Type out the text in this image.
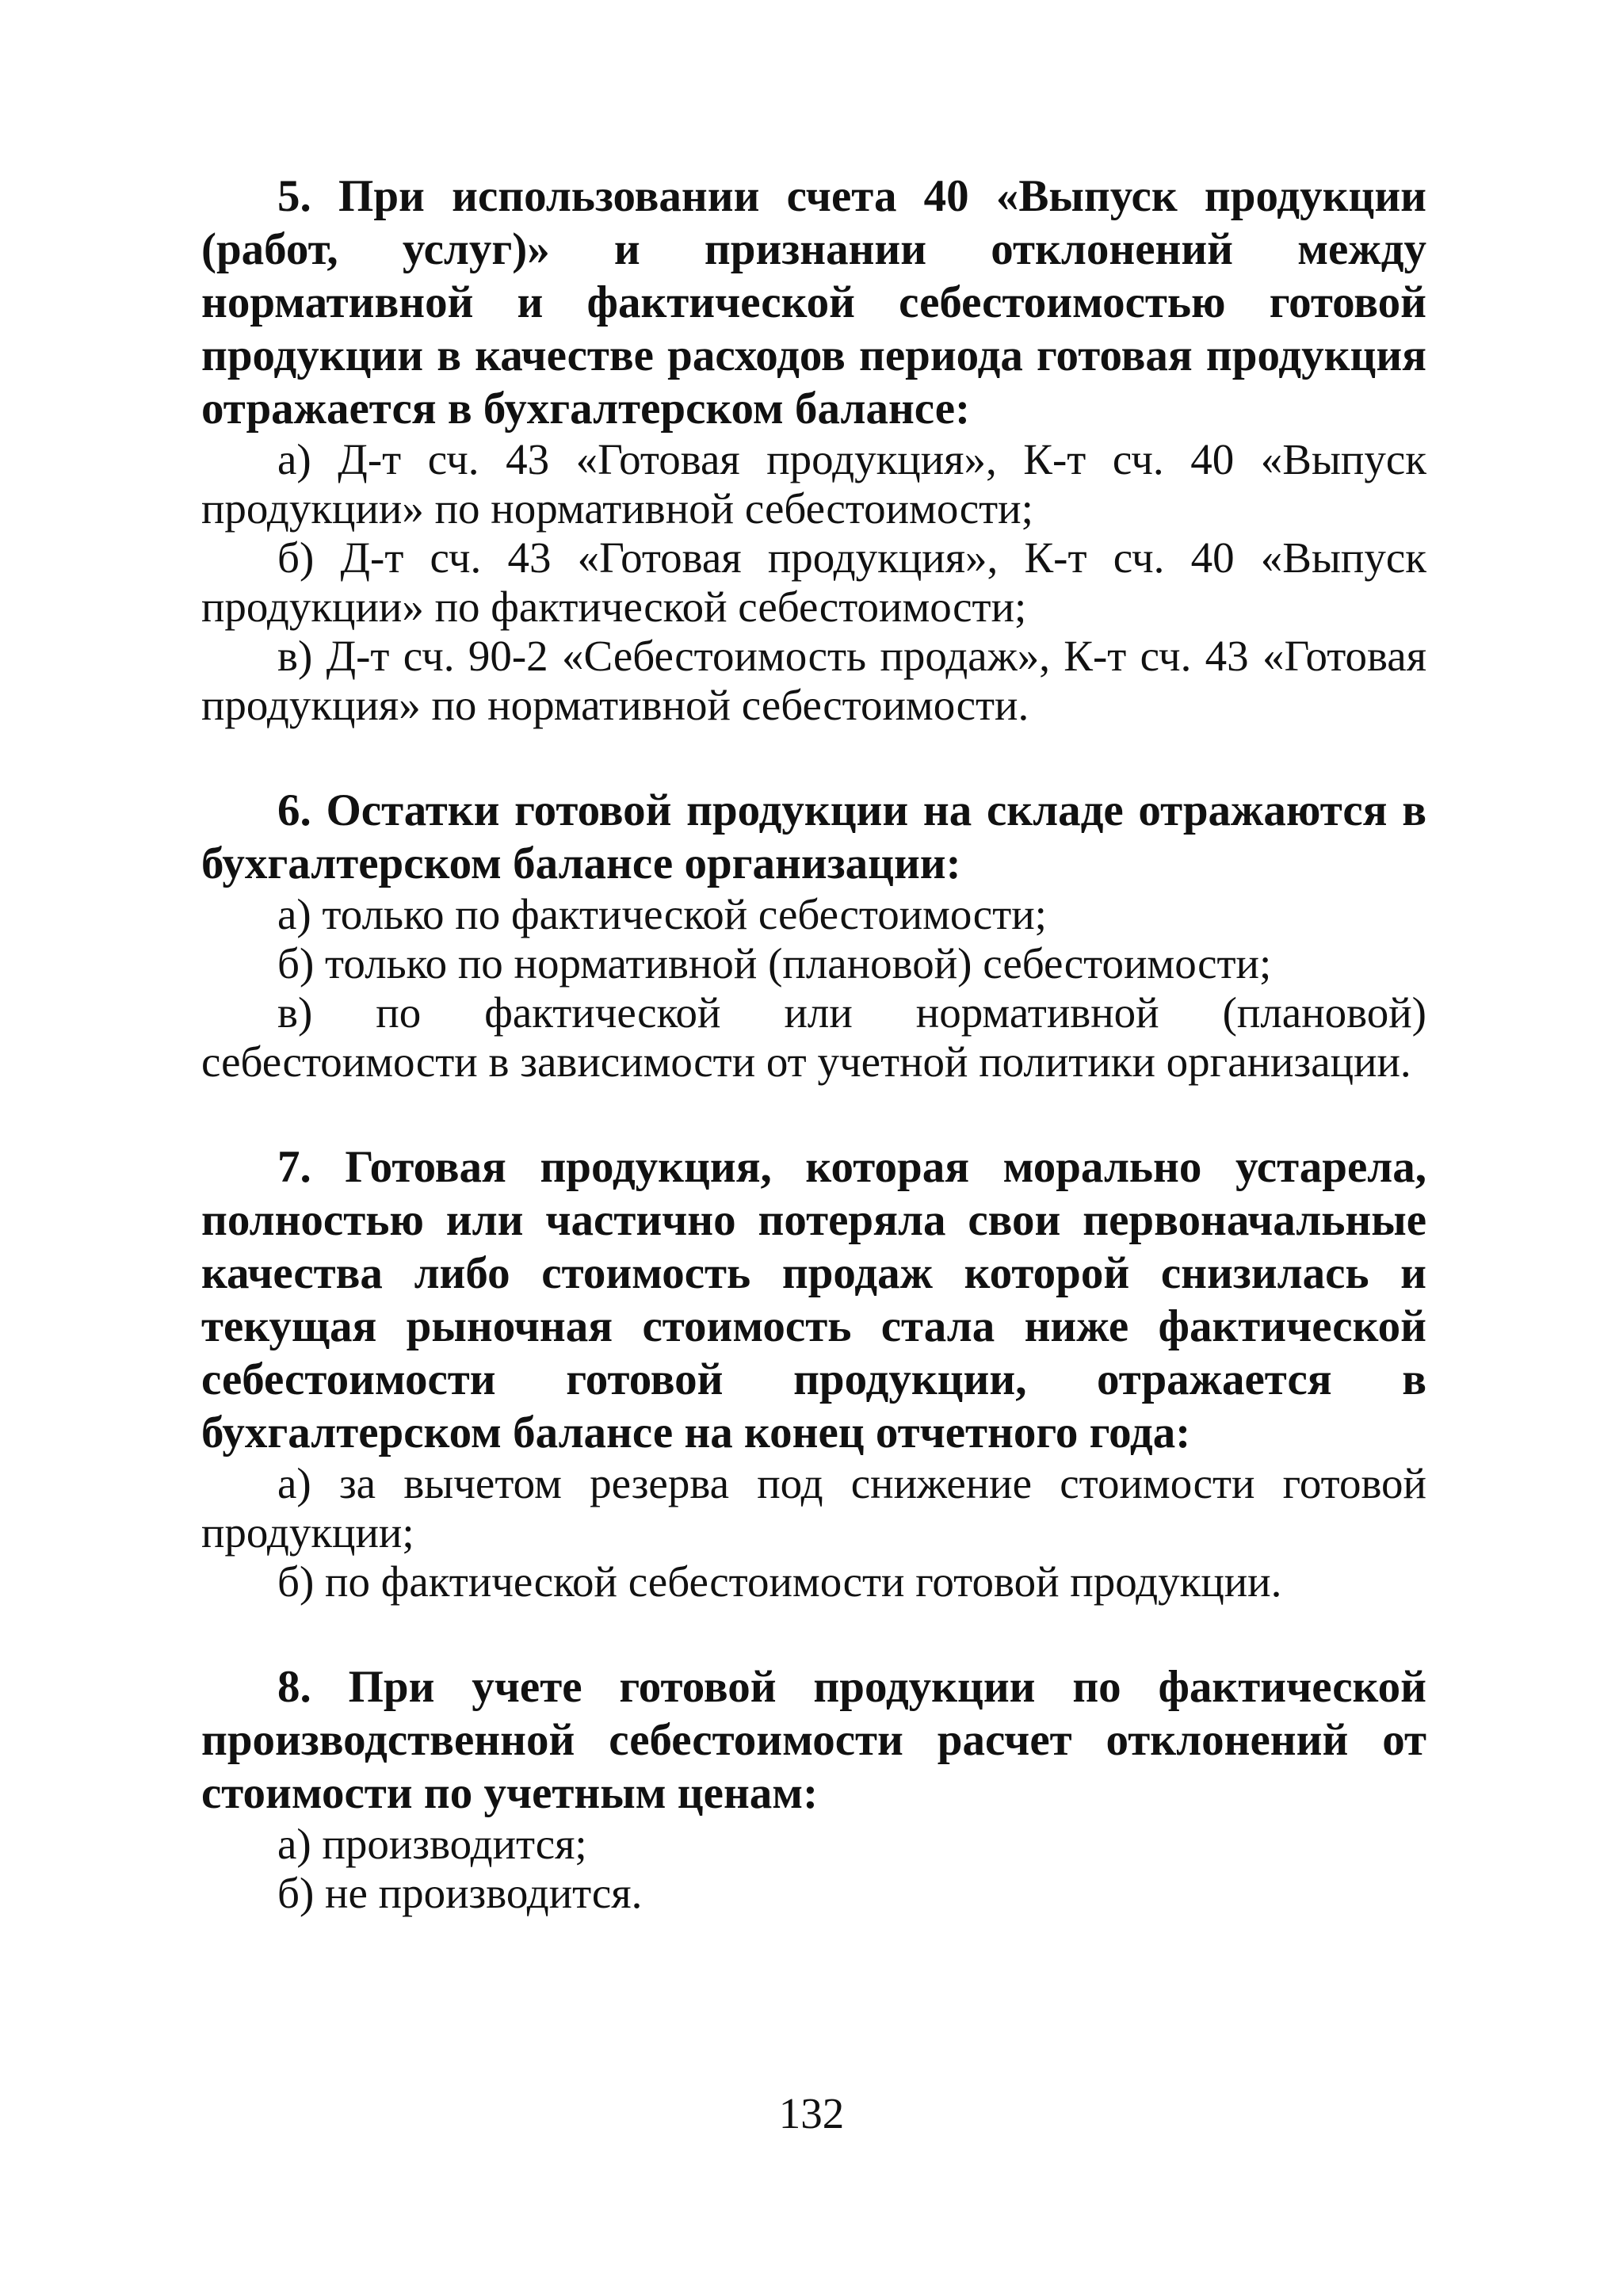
5. При использовании счета 40 «Выпуск продукции (работ, услуг)» и признании отклонений между нормативной и фактической себестоимостью готовой продукции в качестве расходов периода готовая продукция отражается в бухгалтерском балансе:

а) Д-т сч. 43 «Готовая продукция», К-т сч. 40 «Выпуск продукции» по нормативной себестоимости;

б) Д-т сч. 43 «Готовая продукция», К-т сч. 40 «Выпуск продукции» по фактической себестоимости;

в) Д-т сч. 90-2 «Себестоимость продаж», К-т сч. 43 «Готовая продукция» по нормативной себестоимости.

6. Остатки готовой продукции на складе отражаются в бухгалтерском балансе организации:

а) только по фактической себестоимости;

б) только по нормативной (плановой) себестоимости;

в) по фактической или нормативной (плановой) себестоимости в зависимости от учетной политики организации.

7. Готовая продукция, которая морально устарела, полностью или частично потеряла свои первоначальные качества либо стоимость продаж которой снизилась и текущая рыночная стоимость стала ниже фактической себестоимости готовой продукции, отражается в бухгалтерском балансе на конец отчетного года:

а) за вычетом резерва под снижение стоимости готовой продукции;

б) по фактической себестоимости готовой продукции.

8. При учете готовой продукции по фактической производственной себестоимости расчет отклонений от стоимости по учетным ценам:

а) производится;

б) не производится.

132
